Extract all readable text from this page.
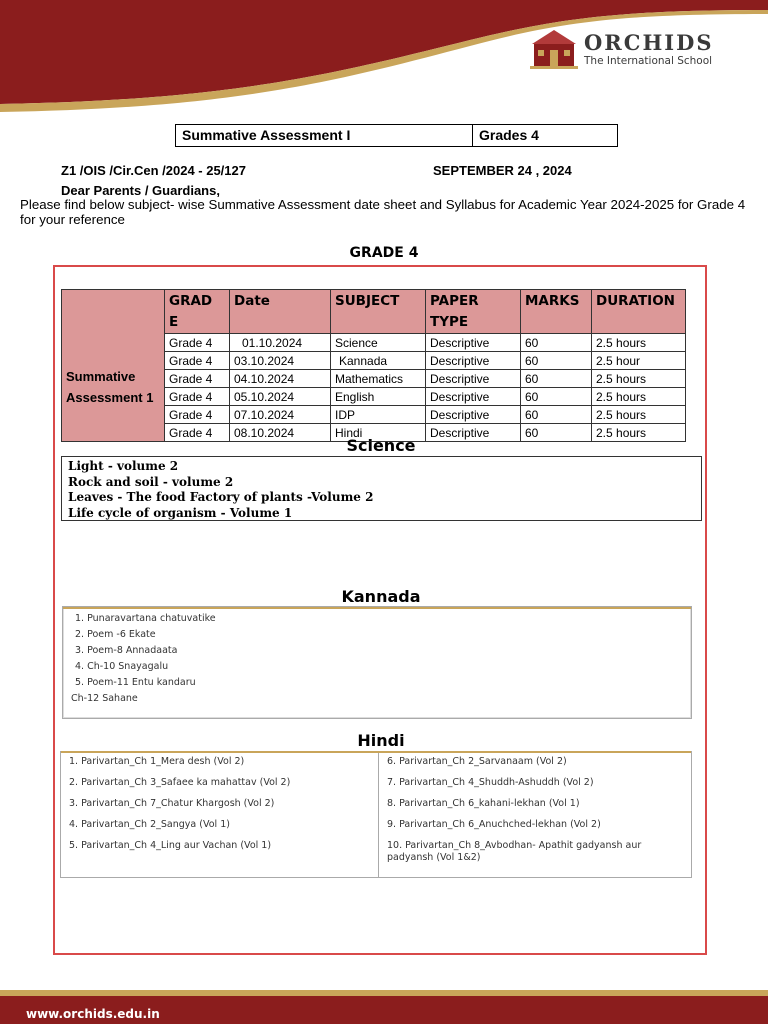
ORCHIDS
The International School
Summative Assessment I	Grades 4
Z1 /OIS /Cir.Cen /2024 - 25/127	SEPTEMBER 24 , 2024
Dear Parents / Guardians,
Please find below subject- wise Summative Assessment date sheet and Syllabus for Academic Year 2024-2025 for Grade 4 for your reference
GRADE 4
	GRAD E	Date	SUBJECT	PAPER TYPE	MARKS	DURATION
Summative Assessment 1	Grade 4	01.10.2024	Science	Descriptive	60	2.5 hours
	Grade 4	03.10.2024	Kannada	Descriptive	60	2.5 hour
	Grade 4	04.10.2024	Mathematics	Descriptive	60	2.5 hours
	Grade 4	05.10.2024	English	Descriptive	60	2.5 hours
	Grade 4	07.10.2024	IDP	Descriptive	60	2.5 hours
	Grade 4	08.10.2024	Hindi	Descriptive	60	2.5 hours
Science
Light - volume 2
Rock and soil - volume 2
Leaves - The food Factory of plants -Volume 2
Life cycle of organism - Volume 1
Kannada
1. Punaravartana chatuvatike
2. Poem -6 Ekate
3. Poem-8 Annadaata
4. Ch-10 Snayagalu
5. Poem-11 Entu kandaru
Ch-12 Sahane
Hindi
1. Parivartan_Ch 1_Mera desh (Vol 2)
2. Parivartan_Ch 3_Safaee ka mahattav (Vol 2)
3. Parivartan_Ch 7_Chatur Khargosh (Vol 2)
4. Parivartan_Ch 2_Sangya (Vol 1)
5. Parivartan_Ch 4_Ling aur Vachan (Vol 1)
6. Parivartan_Ch 2_Sarvanaam (Vol 2)
7. Parivartan_Ch 4_Shuddh-Ashuddh (Vol 2)
8. Parivartan_Ch 6_kahani-lekhan (Vol 1)
9. Parivartan_Ch 6_Anuchched-lekhan (Vol 2)
10. Parivartan_Ch 8_Avbodhan- Apathit gadyansh aur padyansh (Vol 1&2)
www.orchids.edu.in
